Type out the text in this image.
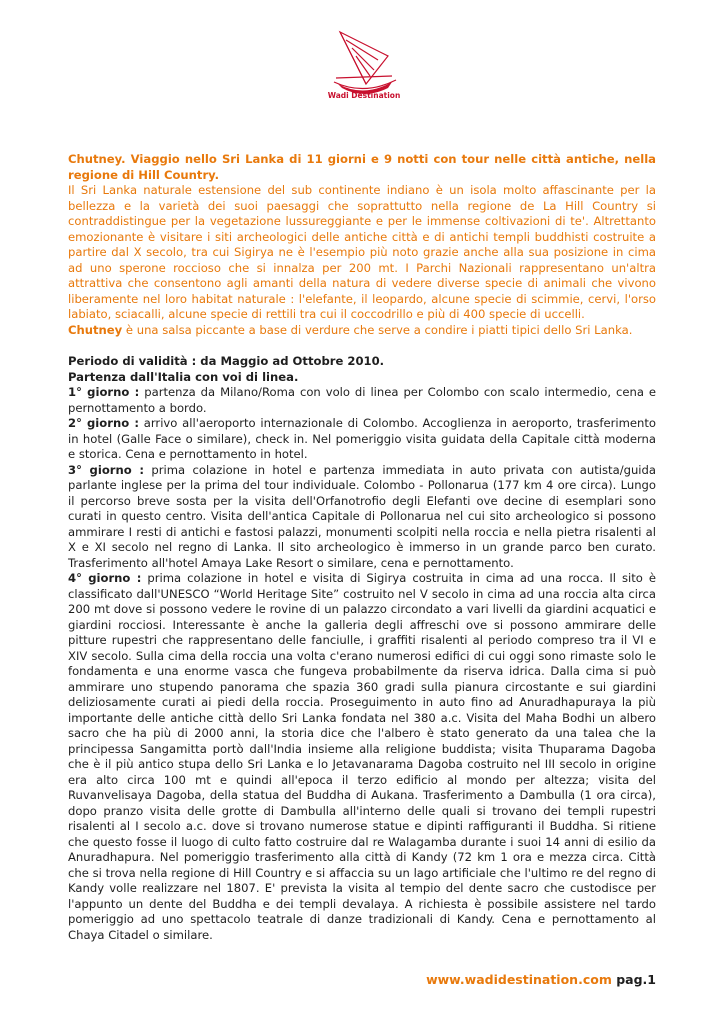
Wadi Destination

Chutney. Viaggio nello Sri Lanka di 11 giorni e 9 notti con tour nelle città antiche, nella regione di Hill Country.

Il Sri Lanka naturale estensione del sub continente indiano è un isola molto affascinante per la bellezza e la varietà dei suoi paesaggi che soprattutto nella regione de La Hill Country si contraddistingue per la vegetazione lussureggiante e per le immense coltivazioni di te'. Altrettanto emozionante è visitare i siti archeologici delle antiche città e di antichi templi buddhisti costruite a partire dal X secolo, tra cui Sigirya ne è l'esempio più noto grazie anche alla sua posizione in cima ad uno sperone roccioso che si innalza per 200 mt. I Parchi Nazionali rappresentano un'altra attrattiva che consentono agli amanti della natura di vedere diverse specie di animali che vivono liberamente nel loro habitat naturale : l'elefante, il leopardo, alcune specie di scimmie, cervi, l'orso labiato, sciacalli, alcune specie di rettili tra cui il coccodrillo e più di 400 specie di uccelli.

Chutney è una salsa piccante a base di verdure che serve a condire i piatti tipici dello Sri Lanka.

Periodo di validità : da Maggio ad Ottobre 2010.

Partenza dall'Italia con voi di linea.

1° giorno : partenza da Milano/Roma con volo di linea per Colombo con scalo intermedio, cena e pernottamento a bordo.

2° giorno : arrivo all'aeroporto internazionale di Colombo. Accoglienza in aeroporto, trasferimento in hotel (Galle Face o similare), check in. Nel pomeriggio visita guidata della Capitale città moderna e storica. Cena e pernottamento in hotel.

3° giorno : prima colazione in hotel e partenza immediata in auto privata con autista/guida parlante inglese per la prima del tour individuale. Colombo - Pollonarua (177 km 4 ore circa). Lungo il percorso breve sosta per la visita dell'Orfanotrofio degli Elefanti ove decine di esemplari sono curati in questo centro. Visita dell'antica Capitale di Pollonarua nel cui sito archeologico si possono ammirare I resti di antichi e fastosi palazzi, monumenti scolpiti nella roccia e nella pietra risalenti al X e XI secolo nel regno di Lanka. Il sito archeologico è immerso in un grande parco ben curato. Trasferimento all'hotel Amaya Lake Resort o similare, cena e pernottamento.

4° giorno : prima colazione in hotel e visita di Sigirya costruita in cima ad una rocca. Il sito è classificato dall'UNESCO “World Heritage Site” costruito nel V secolo in cima ad una roccia alta circa 200 mt dove si possono vedere le rovine di un palazzo circondato a vari livelli da giardini acquatici e giardini rocciosi. Interessante è anche la galleria degli affreschi ove si possono ammirare delle pitture rupestri che rappresentano delle fanciulle, i graffiti risalenti al periodo compreso tra il VI e XIV secolo. Sulla cima della roccia una volta c'erano numerosi edifici di cui oggi sono rimaste solo le fondamenta e una enorme vasca che fungeva probabilmente da riserva idrica. Dalla cima si può ammirare uno stupendo panorama che spazia 360 gradi sulla pianura circostante e sui giardini deliziosamente curati ai piedi della roccia. Proseguimento in auto fino ad Anuradhapuraya la più importante delle antiche città dello Sri Lanka fondata nel 380 a.c. Visita del Maha Bodhi un albero sacro che ha più di 2000 anni, la storia dice che l'albero è stato generato da una talea che la principessa Sangamitta portò dall'India insieme alla religione buddista; visita Thuparama Dagoba che è il più antico stupa dello Sri Lanka e lo Jetavanarama Dagoba costruito nel III secolo in origine era alto circa 100 mt e quindi all'epoca il terzo edificio al mondo per altezza; visita del Ruvanvelisaya Dagoba, della statua del Buddha di Aukana. Trasferimento a Dambulla (1 ora circa), dopo pranzo visita delle grotte di Dambulla all'interno delle quali si trovano dei templi rupestri risalenti al I secolo a.c. dove si trovano numerose statue e dipinti raffiguranti il Buddha. Si ritiene che questo fosse il luogo di culto fatto costruire dal re Walagamba durante i suoi 14 anni di esilio da Anuradhapura. Nel pomeriggio trasferimento alla città di Kandy (72 km 1 ora e mezza circa. Città che si trova nella regione di Hill Country e si affaccia su un lago artificiale che l'ultimo re del regno di Kandy volle realizzare nel 1807. E' prevista la visita al tempio del dente sacro che custodisce per l'appunto un dente del Buddha e dei templi devalaya. A richiesta è possibile assistere nel tardo pomeriggio ad uno spettacolo teatrale di danze tradizionali di Kandy. Cena e pernottamento al Chaya Citadel o similare.

www.wadidestination.com pag.1
